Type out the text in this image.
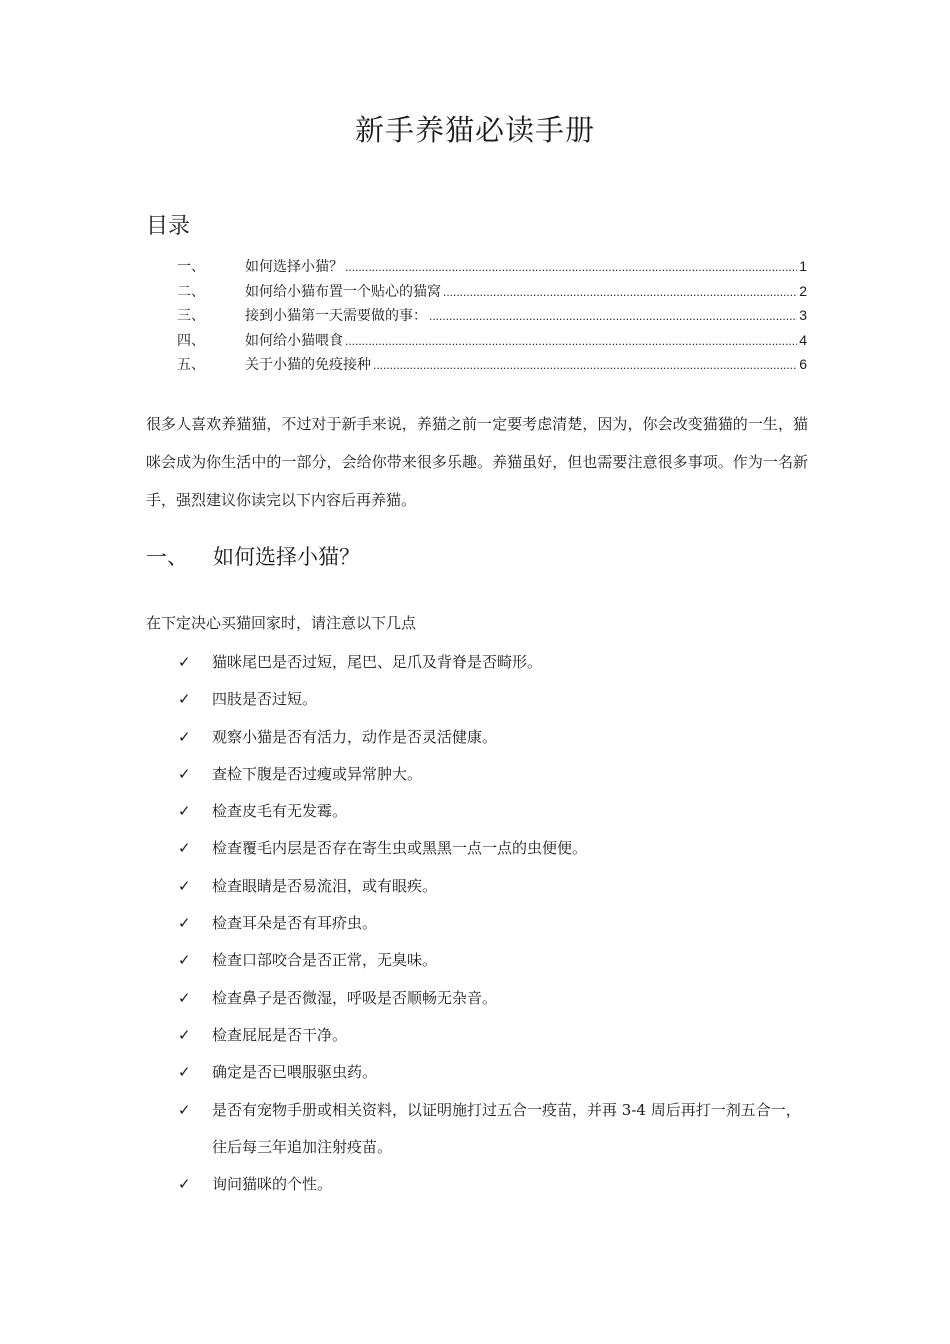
新手养猫必读手册
目录
一、	如何选择小猫？ .....	1
二、	如何给小猫布置一个贴心的猫窝 .....	2
三、	接到小猫第一天需要做的事： .....	3
四、	如何给小猫喂食 .....	4
五、	关于小猫的免疫接种 .....	6

很多人喜欢养猫猫，不过对于新手来说，养猫之前一定要考虑清楚，因为，你会改变猫猫的一生，猫咪会成为你生活中的一部分，会给你带来很多乐趣。养猫虽好，但也需要注意很多事项。作为一名新手，强烈建议你读完以下内容后再养猫。

一、	如何选择小猫？
在下定决心买猫回家时，请注意以下几点
✓	猫咪尾巴是否过短，尾巴、足爪及背脊是否畸形。
✓	四肢是否过短。
✓	观察小猫是否有活力，动作是否灵活健康。
✓	查检下腹是否过瘦或异常肿大。
✓	检查皮毛有无发霉。
✓	检查覆毛内层是否存在寄生虫或黑黑一点一点的虫便便。
✓	检查眼睛是否易流泪，或有眼疾。
✓	检查耳朵是否有耳疥虫。
✓	检查口部咬合是否正常，无臭味。
✓	检查鼻子是否微湿，呼吸是否顺畅无杂音。
✓	检查屁屁是否干净。
✓	确定是否已喂服驱虫药。
✓	是否有宠物手册或相关资料，以证明施打过五合一疫苗，并再 3-4 周后再打一剂五合一，往后每三年追加注射疫苗。
✓	询问猫咪的个性。
